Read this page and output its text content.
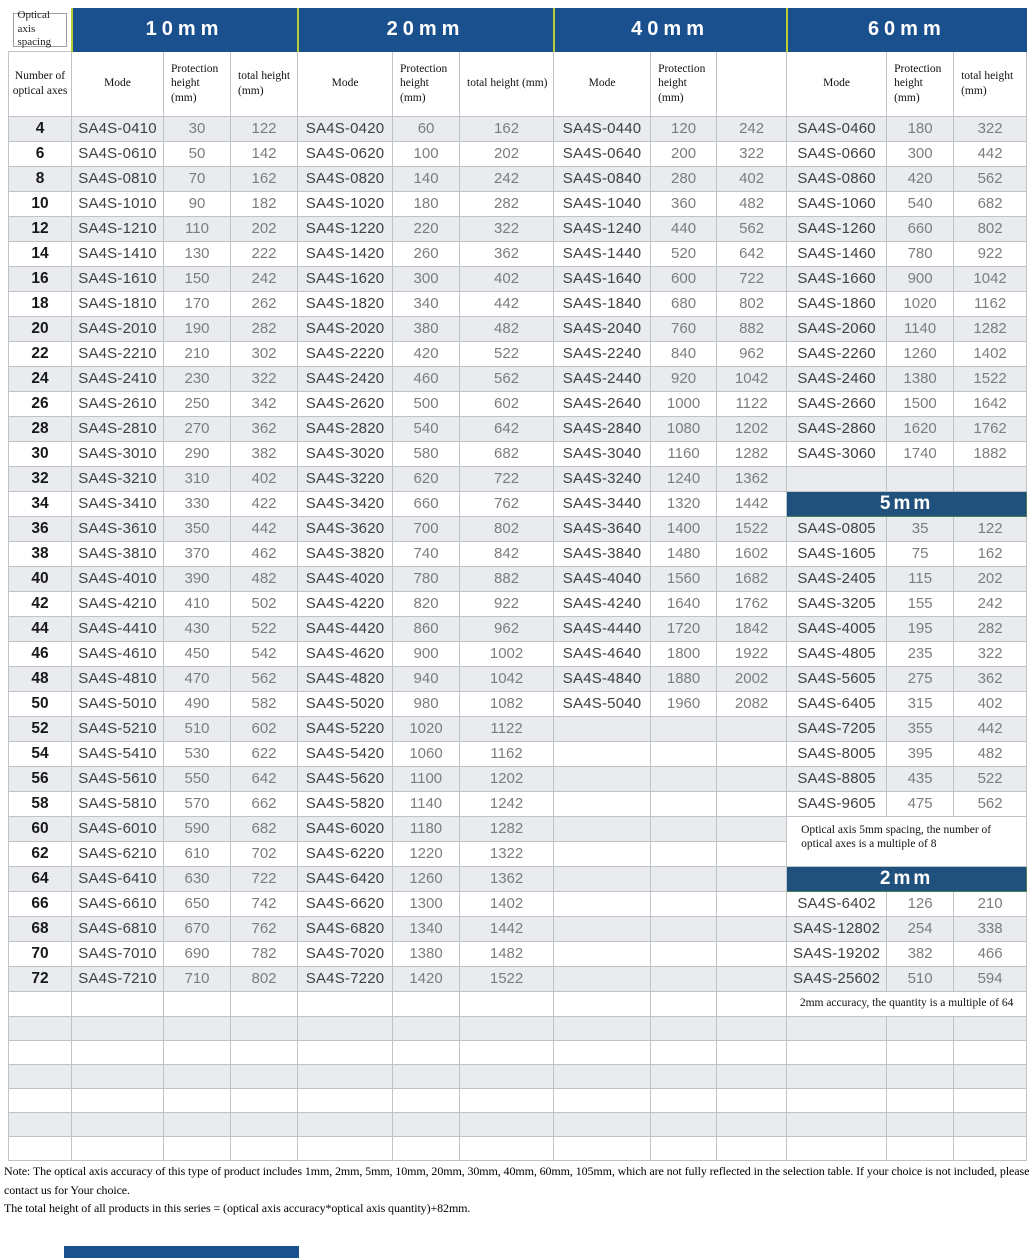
Optical axis spacing	10mm			20mm			40mm			60mm		
Number of optical axes	Mode	Protection height (mm)	total height (mm)	Mode	Protection height (mm)	total height (mm)	Mode	Protection height (mm)		Mode	Protection height (mm)	total height (mm)
4	SA4S-0410	30	122	SA4S-0420	60	162	SA4S-0440	120	242	SA4S-0460	180	322
6	SA4S-0610	50	142	SA4S-0620	100	202	SA4S-0640	200	322	SA4S-0660	300	442
8	SA4S-0810	70	162	SA4S-0820	140	242	SA4S-0840	280	402	SA4S-0860	420	562
10	SA4S-1010	90	182	SA4S-1020	180	282	SA4S-1040	360	482	SA4S-1060	540	682
12	SA4S-1210	110	202	SA4S-1220	220	322	SA4S-1240	440	562	SA4S-1260	660	802
14	SA4S-1410	130	222	SA4S-1420	260	362	SA4S-1440	520	642	SA4S-1460	780	922
16	SA4S-1610	150	242	SA4S-1620	300	402	SA4S-1640	600	722	SA4S-1660	900	1042
18	SA4S-1810	170	262	SA4S-1820	340	442	SA4S-1840	680	802	SA4S-1860	1020	1162
20	SA4S-2010	190	282	SA4S-2020	380	482	SA4S-2040	760	882	SA4S-2060	1140	1282
22	SA4S-2210	210	302	SA4S-2220	420	522	SA4S-2240	840	962	SA4S-2260	1260	1402
24	SA4S-2410	230	322	SA4S-2420	460	562	SA4S-2440	920	1042	SA4S-2460	1380	1522
26	SA4S-2610	250	342	SA4S-2620	500	602	SA4S-2640	1000	1122	SA4S-2660	1500	1642
28	SA4S-2810	270	362	SA4S-2820	540	642	SA4S-2840	1080	1202	SA4S-2860	1620	1762
30	SA4S-3010	290	382	SA4S-3020	580	682	SA4S-3040	1160	1282	SA4S-3060	1740	1882
32	SA4S-3210	310	402	SA4S-3220	620	722	SA4S-3240	1240	1362			
34	SA4S-3410	330	422	SA4S-3420	660	762	SA4S-3440	1320	1442	5mm		
36	SA4S-3610	350	442	SA4S-3620	700	802	SA4S-3640	1400	1522	SA4S-0805	35	122
38	SA4S-3810	370	462	SA4S-3820	740	842	SA4S-3840	1480	1602	SA4S-1605	75	162
40	SA4S-4010	390	482	SA4S-4020	780	882	SA4S-4040	1560	1682	SA4S-2405	115	202
42	SA4S-4210	410	502	SA4S-4220	820	922	SA4S-4240	1640	1762	SA4S-3205	155	242
44	SA4S-4410	430	522	SA4S-4420	860	962	SA4S-4440	1720	1842	SA4S-4005	195	282
46	SA4S-4610	450	542	SA4S-4620	900	1002	SA4S-4640	1800	1922	SA4S-4805	235	322
48	SA4S-4810	470	562	SA4S-4820	940	1042	SA4S-4840	1880	2002	SA4S-5605	275	362
50	SA4S-5010	490	582	SA4S-5020	980	1082	SA4S-5040	1960	2082	SA4S-6405	315	402
52	SA4S-5210	510	602	SA4S-5220	1020	1122				SA4S-7205	355	442
54	SA4S-5410	530	622	SA4S-5420	1060	1162				SA4S-8005	395	482
56	SA4S-5610	550	642	SA4S-5620	1100	1202				SA4S-8805	435	522
58	SA4S-5810	570	662	SA4S-5820	1140	1242				SA4S-9605	475	562
60	SA4S-6010	590	682	SA4S-6020	1180	1282				Optical axis 5mm spacing, the number of optical axes is a multiple of 8		
62	SA4S-6210	610	702	SA4S-6220	1220	1322						
64	SA4S-6410	630	722	SA4S-6420	1260	1362				2mm		
66	SA4S-6610	650	742	SA4S-6620	1300	1402				SA4S-6402	126	210
68	SA4S-6810	670	762	SA4S-6820	1340	1442				SA4S-12802	254	338
70	SA4S-7010	690	782	SA4S-7020	1380	1482				SA4S-19202	382	466
72	SA4S-7210	710	802	SA4S-7220	1420	1522				SA4S-25602	510	594
										2mm accuracy, the quantity is a multiple of 64		

Note: The optical axis accuracy of this type of product includes 1mm, 2mm, 5mm, 10mm, 20mm, 30mm, 40mm, 60mm, 105mm, which are not fully reflected in the selection table. If your choice is not included, please
contact us for Your choice.
The total height of all products in this series = (optical axis accuracy*optical axis quantity)+82mm.
